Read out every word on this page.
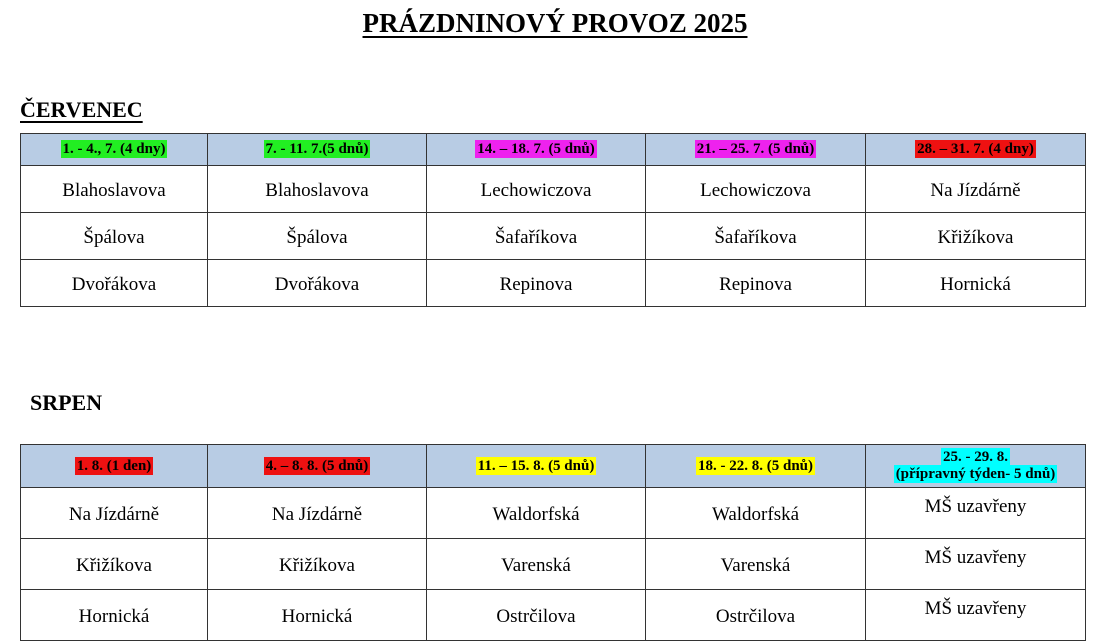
PRÁZDNINOVÝ PROVOZ 2025
ČERVENEC
1. - 4., 7. (4 dny)	7. - 11. 7.(5 dnů)	14. – 18. 7. (5 dnů)	21. – 25. 7. (5 dnů)	28. – 31. 7. (4 dny)
Blahoslavova	Blahoslavova	Lechowiczova	Lechowiczova	Na Jízdárně
Špálova	Špálova	Šafaříkova	Šafaříkova	Křižíkova
Dvořákova	Dvořákova	Repinova	Repinova	Hornická
SRPEN
1. 8. (1 den)	4. – 8. 8. (5 dnů)	11. – 15. 8. (5 dnů)	18. - 22. 8. (5 dnů)	25. - 29. 8.
(přípravný týden- 5 dnů)
Na Jízdárně	Na Jízdárně	Waldorfská	Waldorfská	MŠ uzavřeny
Křižíkova	Křižíkova	Varenská	Varenská	MŠ uzavřeny
Hornická	Hornická	Ostrčilova	Ostrčilova	MŠ uzavřeny
